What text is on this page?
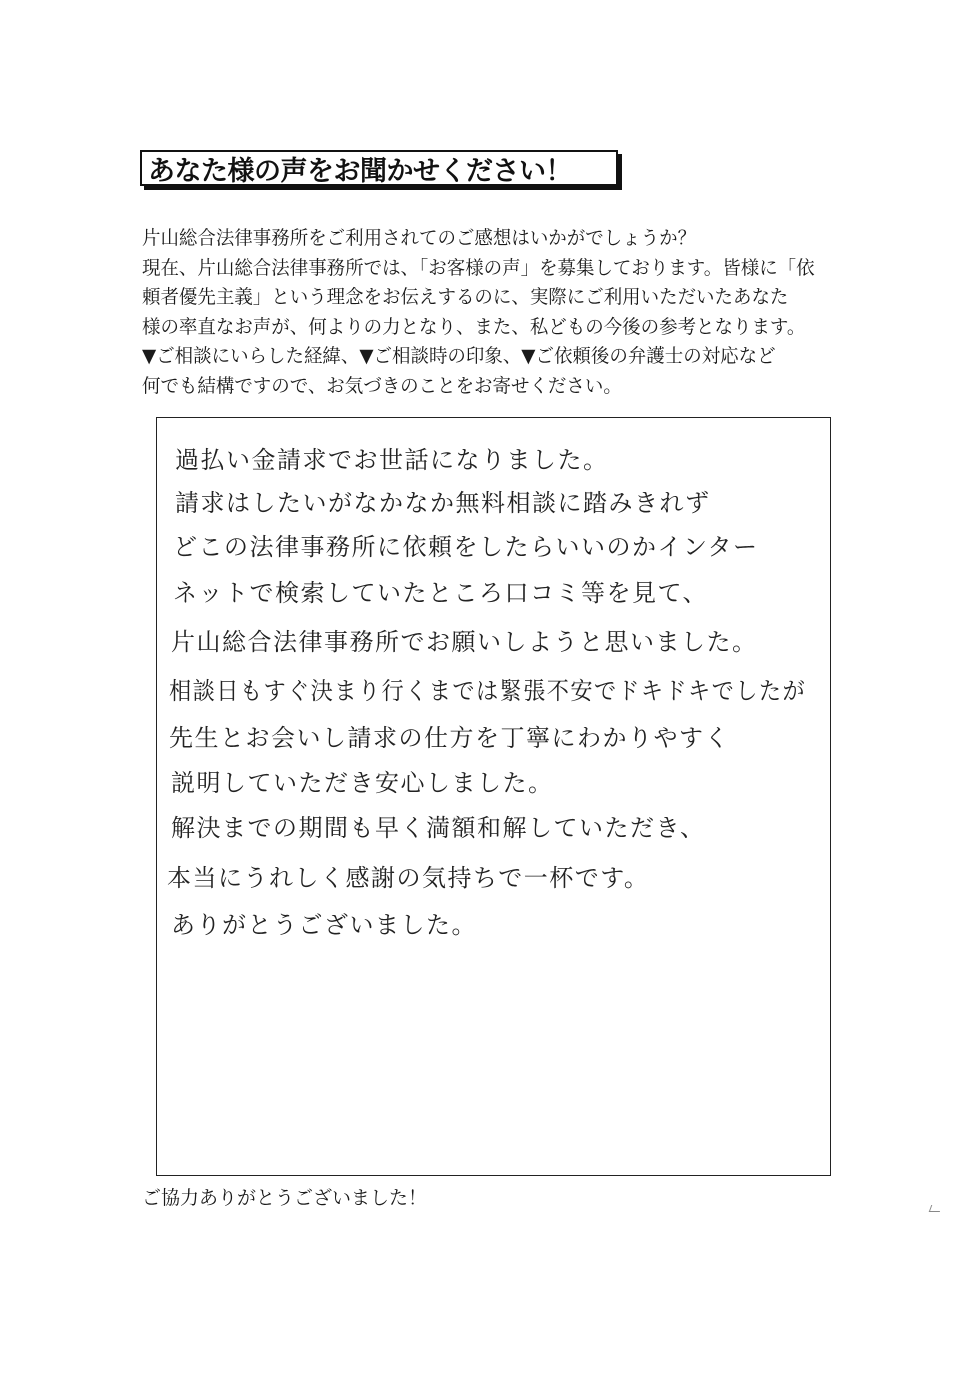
あなた様の声をお聞かせください！
片山総合法律事務所をご利用されてのご感想はいかがでしょうか？
現在、片山総合法律事務所では、「お客様の声」を募集しております。皆様に「依
頼者優先主義」という理念をお伝えするのに、実際にご利用いただいたあなた
様の率直なお声が、何よりの力となり、また、私どもの今後の参考となります。
▼ご相談にいらした経緯、▼ご相談時の印象、▼ご依頼後の弁護士の対応など
何でも結構ですので、お気づきのことをお寄せください。
過払い金請求でお世話になりました。
請求はしたいがなかなか無料相談に踏みきれず
どこの法律事務所に依頼をしたらいいのかインター
ネットで検索していたところ口コミ等を見て、
片山総合法律事務所でお願いしようと思いました。
相談日もすぐ決まり行くまでは緊張不安でドキドキでしたが
先生とお会いし請求の仕方を丁寧にわかりやすく
説明していただき安心しました。
解決までの期間も早く満額和解していただき、
本当にうれしく感謝の気持ちで一杯です。
ありがとうございました。
ご協力ありがとうございました！
